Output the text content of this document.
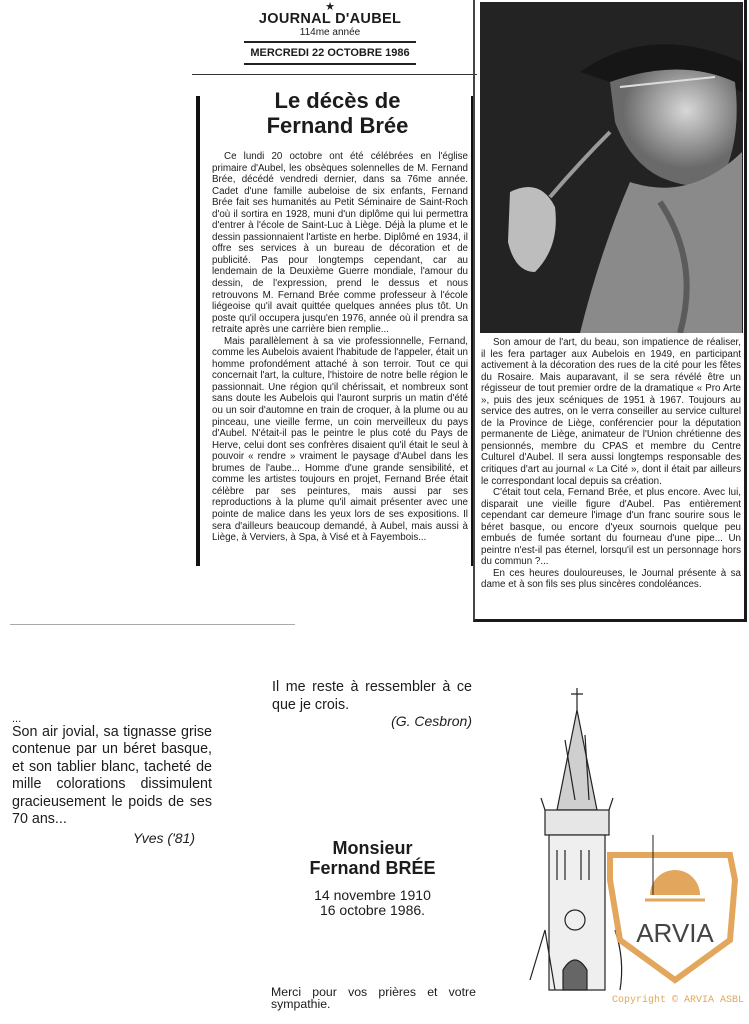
★
JOURNAL D'AUBEL
114me année
MERCREDI 22 OCTOBRE 1986
Le décès de
Fernand Brée

Ce lundi 20 octobre ont été célébrées en l'église primaire d'Aubel, les obsèques solennelles de M. Fernand Brée, décédé vendredi dernier, dans sa 76me année. Cadet d'une famille aubeloise de six enfants, Fernand Brée fait ses humanités au Petit Séminaire de Saint-Roch d'où il sortira en 1928, muni d'un diplôme qui lui permettra d'entrer à l'école de Saint-Luc à Liège. Déjà la plume et le dessin passionnaient l'artiste en herbe. Diplômé en 1934, il offre ses services à un bureau de décoration et de publicité. Pas pour longtemps cependant, car au lendemain de la Deuxième Guerre mondiale, l'amour du dessin, de l'expression, prend le dessus et nous retrouvons M. Fernand Brée comme professeur à l'école liégeoise qu'il avait quittée quelques années plus tôt. Un poste qu'il occupera jusqu'en 1976, année où il prendra sa retraite après une carrière bien remplie...

Mais parallèlement à sa vie professionnelle, Fernand, comme les Aubelois avaient l'habitude de l'appeler, était un homme profondément attaché à son terroir. Tout ce qui concernait l'art, la culture, l'histoire de notre belle région le passionnait. Une région qu'il chérissait, et nombreux sont sans doute les Aubelois qui l'auront surpris un matin d'été ou un soir d'automne en train de croquer, à la plume ou au pinceau, une vieille ferme, un coin merveilleux du pays d'Aubel. N'était-il pas le peintre le plus coté du Pays de Herve, celui dont ses confrères disaient qu'il était le seul à pouvoir « rendre » vraiment le paysage d'Aubel dans les brumes de l'aube... Homme d'une grande sensibilité, et comme les artistes toujours en projet, Fernand Brée était célèbre par ses peintures, mais aussi par ses reproductions à la plume qu'il aimait présenter avec une pointe de malice dans les yeux lors de ses expositions. Il sera d'ailleurs beaucoup demandé, à Aubel, mais aussi à Liège, à Verviers, à Spa, à Visé et à Fayembois...

Son amour de l'art, du beau, son impatience de réaliser, il les fera partager aux Aubelois en 1949, en participant activement à la décoration des rues de la cité pour les fêtes du Rosaire. Mais auparavant, il se sera révélé être un régisseur de tout premier ordre de la dramatique « Pro Arte », puis des jeux scéniques de 1951 à 1967. Toujours au service des autres, on le verra conseiller au service culturel de la Province de Liège, conférencier pour la députation permanente de Liège, animateur de l'Union chrétienne des pensionnés, membre du CPAS et membre du Centre Culturel d'Aubel. Il sera aussi longtemps responsable des critiques d'art au journal « La Cité », dont il était par ailleurs le correspondant local depuis sa création.

C'était tout cela, Fernand Brée, et plus encore. Avec lui, disparait une vieille figure d'Aubel. Pas entièrement cependant car demeure l'image d'un franc sourire sous le béret basque, ou encore d'yeux sournois quelque peu embués de fumée sortant du fourneau d'une pipe... Un peintre n'est-il pas éternel, lorsqu'il est un personnage hors du commun ?...

En ces heures douloureuses, le Journal présente à sa dame et à son fils ses plus sincères condoléances.

...
Son air jovial, sa tignasse grise contenue par un béret basque, et son tablier blanc, tacheté de mille colorations dissimulent gracieusement le poids de ses 70 ans...
Yves ('81)
Il me reste à ressembler à ce que je crois.
(G. Cesbron)
Monsieur
Fernand BRÉE
14 novembre 1910
16 octobre 1986.
Merci pour vos prières et votre sympathie.
ARVIA
Copyright © ARVIA ASBL
